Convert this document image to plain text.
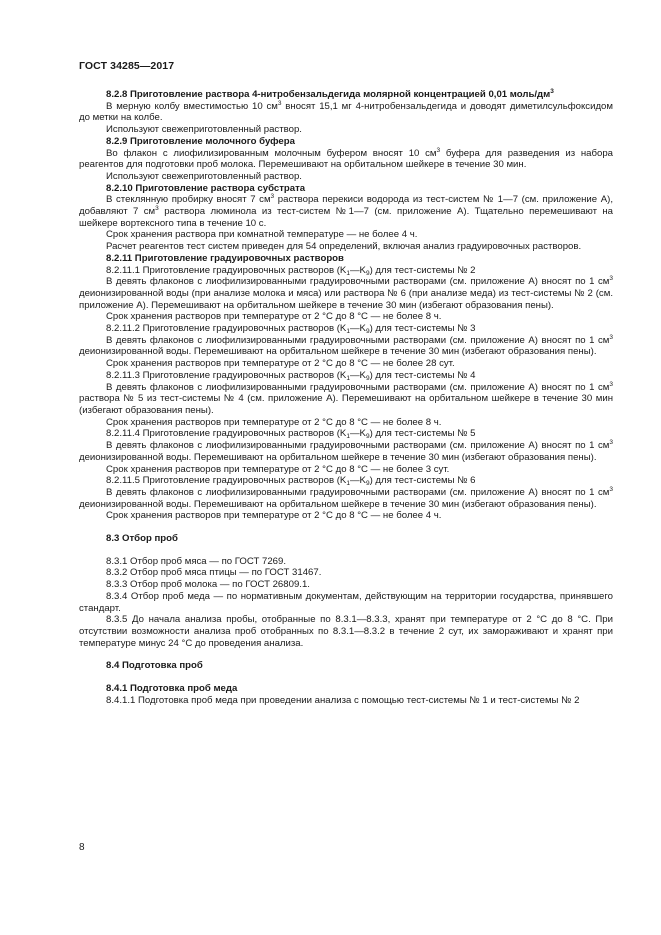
ГОСТ 34285—2017

8.2.8 Приготовление раствора 4-нитробензальдегида молярной концентрацией 0,01 моль/$дм^3$

В мерную колбу вместимостью 10 $см^3$ вносят 15,1 мг 4-нитробензальдегида и доводят диметилсульфоксидом до метки на колбе.

Используют свежеприготовленный раствор.

8.2.9 Приготовление молочного буфера

Во флакон с лиофилизированным молочным буфером вносят 10 $см^3$ буфера для разведения из набора реагентов для подготовки проб молока. Перемешивают на орбитальном шейкере в течение 30 мин.

Используют свежеприготовленный раствор.

8.2.10 Приготовление раствора субстрата

В стеклянную пробирку вносят 7 $см^3$ раствора перекиси водорода из тест-систем № 1—7 (см. приложение А), добавляют 7 $см^3$ раствора люминола из тест-систем №1—7 (см. приложение А). Тщательно перемешивают на шейкере вортексного типа в течение 10 с.

Срок хранения раствора при комнатной температуре — не более 4 ч.

Расчет реагентов тест систем приведен для 54 определений, включая анализ градуировочных растворов.

8.2.11 Приготовление градуировочных растворов

8.2.11.1 Приготовление градуировочных растворов $(K_1—K_9)$ для тест-системы № 2

В девять флаконов с лиофилизированными градуировочными растворами (см. приложение А) вносят по 1 $см^3$ деионизированной воды (при анализе молока и мяса) или раствора № 6 (при анализе меда) из тест-системы № 2 (см. приложение А). Перемешивают на орбитальном шейкере в течение 30 мин (избегают образования пены).

Срок хранения растворов при температуре от 2 °С до 8 °С — не более 8 ч.

8.2.11.2 Приготовление градуировочных растворов $(K_1—K_9)$ для тест-системы № 3

В девять флаконов с лиофилизированными градуировочными растворами (см. приложение А) вносят по 1 $см^3$ деионизированной воды. Перемешивают на орбитальном шейкере в течение 30 мин (избегают образования пены).

Срок хранения растворов при температуре от 2 °С до 8 °С — не более 28 сут.

8.2.11.3 Приготовление градуировочных растворов $(K_1—K_9)$ для тест-системы № 4

В девять флаконов с лиофилизированными градуировочными растворами (см. приложение А) вносят по 1 $см^3$ раствора № 5 из тест-системы № 4 (см. приложение А). Перемешивают на орбитальном шейкере в течение 30 мин (избегают образования пены).

Срок хранения растворов при температуре от 2 °С до 8 °С — не более 8 ч.

8.2.11.4 Приготовление градуировочных растворов $(K_1—K_9)$ для тест-системы № 5

В девять флаконов с лиофилизированными градуировочными растворами (см. приложение А) вносят по 1 $см^3$ деионизированной воды. Перемешивают на орбитальном шейкере в течение 30 мин (избегают образования пены).

Срок хранения растворов при температуре от 2 °С до 8 °С — не более 3 сут.

8.2.11.5 Приготовление градуировочных растворов $(K_1—K_9)$ для тест-системы № 6

В девять флаконов с лиофилизированными градуировочными растворами (см. приложение А) вносят по 1 $см^3$ деионизированной воды. Перемешивают на орбитальном шейкере в течение 30 мин (избегают образования пены).

Срок хранения растворов при температуре от 2 °С до 8 °С — не более 4 ч.

8.3 Отбор проб

8.3.1 Отбор проб мяса — по ГОСТ 7269.

8.3.2 Отбор проб мяса птицы — по ГОСТ 31467.

8.3.3 Отбор проб молока — по ГОСТ 26809.1.

8.3.4 Отбор проб меда — по нормативным документам, действующим на территории государства, принявшего стандарт.

8.3.5 До начала анализа пробы, отобранные по 8.3.1—8.3.3, хранят при температуре от 2 °С до 8 °С. При отсутствии возможности анализа проб отобранных по 8.3.1—8.3.2 в течение 2 сут, их замораживают и хранят при температуре минус 24 °С до проведения анализа.

8.4 Подготовка проб

8.4.1 Подготовка проб меда

8.4.1.1 Подготовка проб меда при проведении анализа с помощью тест-системы № 1 и тест-системы № 2

8
